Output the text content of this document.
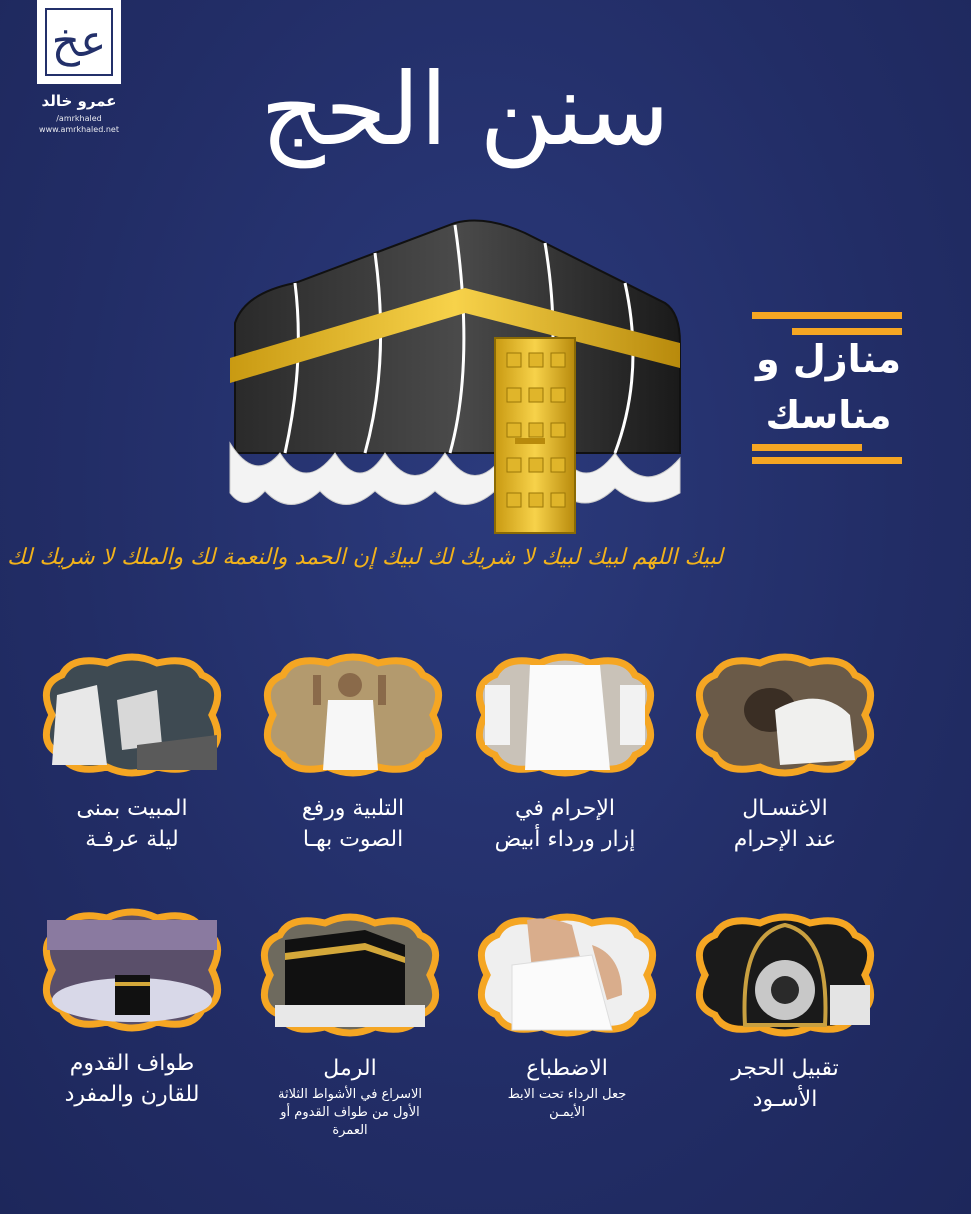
عخ
عمرو خالد
/amrkhaled
www.amrkhaled.net	سنن الحج
منازل و
مناسك
لبيك اللهم لبيك لبيك لا شريك لك لبيك إن الحمد والنعمة لك والملك لا شريك لك
الاغتسـال
عند الإحرام
الإحرام في
إزار ورداء أبيض
التلبية ورفع
الصوت بهـا
المبيت بمنى
ليلة عرفـة
تقبيل الحجر
الأسـود
الاضطباع
جعل الرداء تحت الابط الأيمـن
الرمل
الاسراع في الأشواط الثلاثة الأول من طواف القدوم أو العمرة
طواف القدوم
للقارن والمفرد
